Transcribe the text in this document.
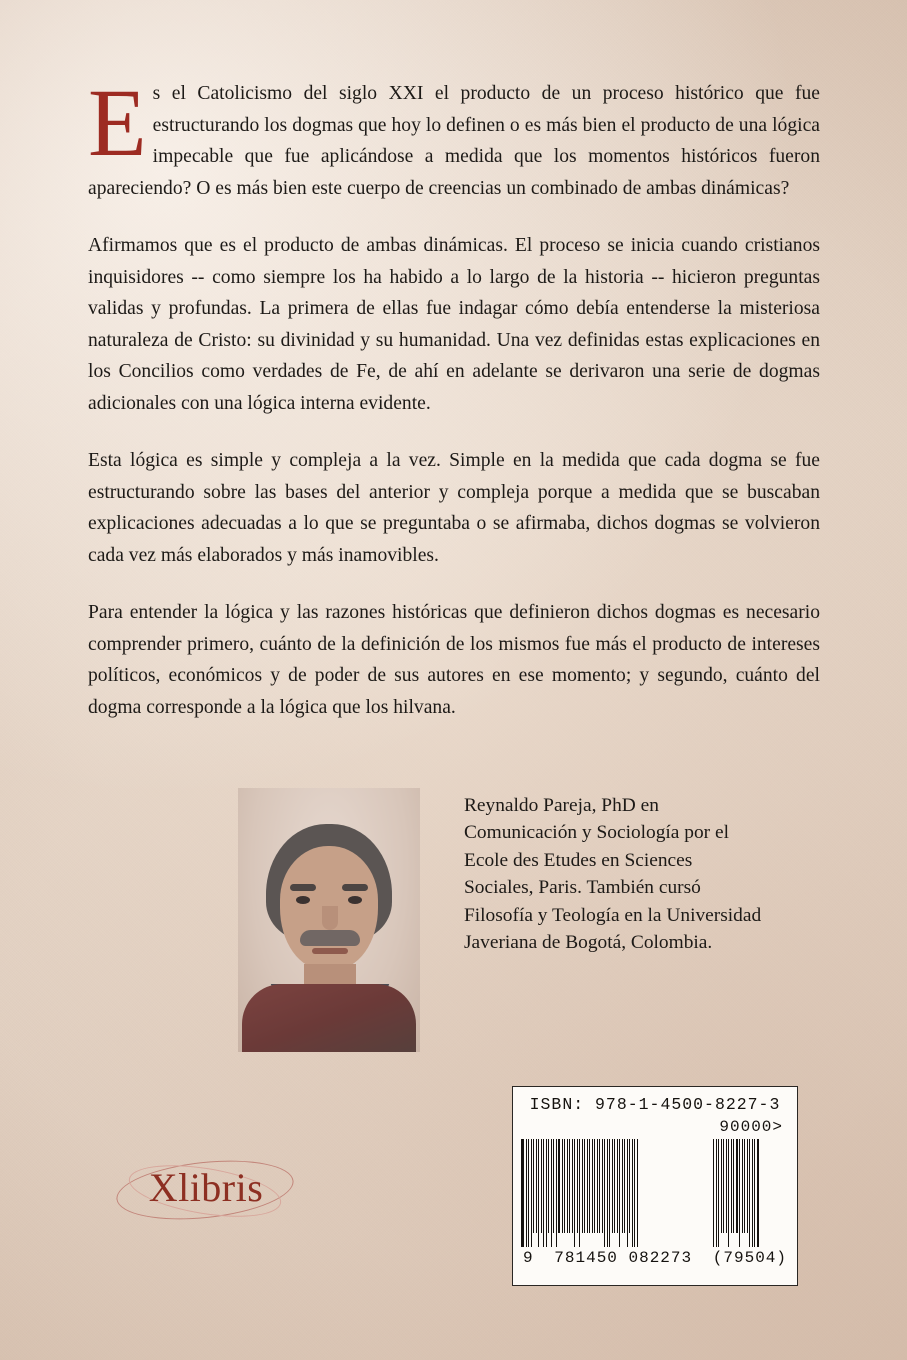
Es el Catolicismo del siglo XXI el producto de un proceso histórico que fue estructurando los dogmas que hoy lo definen o es más bien el producto de una lógica impecable que fue aplicándose a medida que los momentos históricos fueron apareciendo? O es más bien este cuerpo de creencias un combinado de ambas dinámicas?

Afirmamos que es el producto de ambas dinámicas. El proceso se inicia cuando cristianos inquisidores -- como siempre los ha habido a lo largo de la historia -- hicieron preguntas validas y profundas. La primera de ellas fue indagar cómo debía entenderse la misteriosa naturaleza de Cristo: su divinidad y su humanidad. Una vez definidas estas explicaciones en los Concilios como verdades de Fe, de ahí en adelante se derivaron una serie de dogmas adicionales con una lógica interna evidente.

Esta lógica es simple y compleja a la vez. Simple en la medida que cada dogma se fue estructurando sobre las bases del anterior y compleja porque a medida que se buscaban explicaciones adecuadas a lo que se preguntaba o se afirmaba, dichos dogmas se volvieron cada vez más elaborados y más inamovibles.

Para entender la lógica y las razones históricas que definieron dichos dogmas es necesario comprender primero, cuánto de la definición de los mismos fue más el producto de intereses políticos, económicos y de poder de sus autores en ese momento; y segundo, cuánto del dogma corresponde a la lógica que los hilvana.

Reynaldo Pareja, PhD en Comunicación y Sociología por el Ecole des Etudes en Sciences Sociales, Paris. También cursó Filosofía y Teología en la Universidad Javeriana de Bogotá, Colombia.
Xlibris
ISBN: 978-1-4500-8227-3
90000>
9 781450 082273 (79504)
